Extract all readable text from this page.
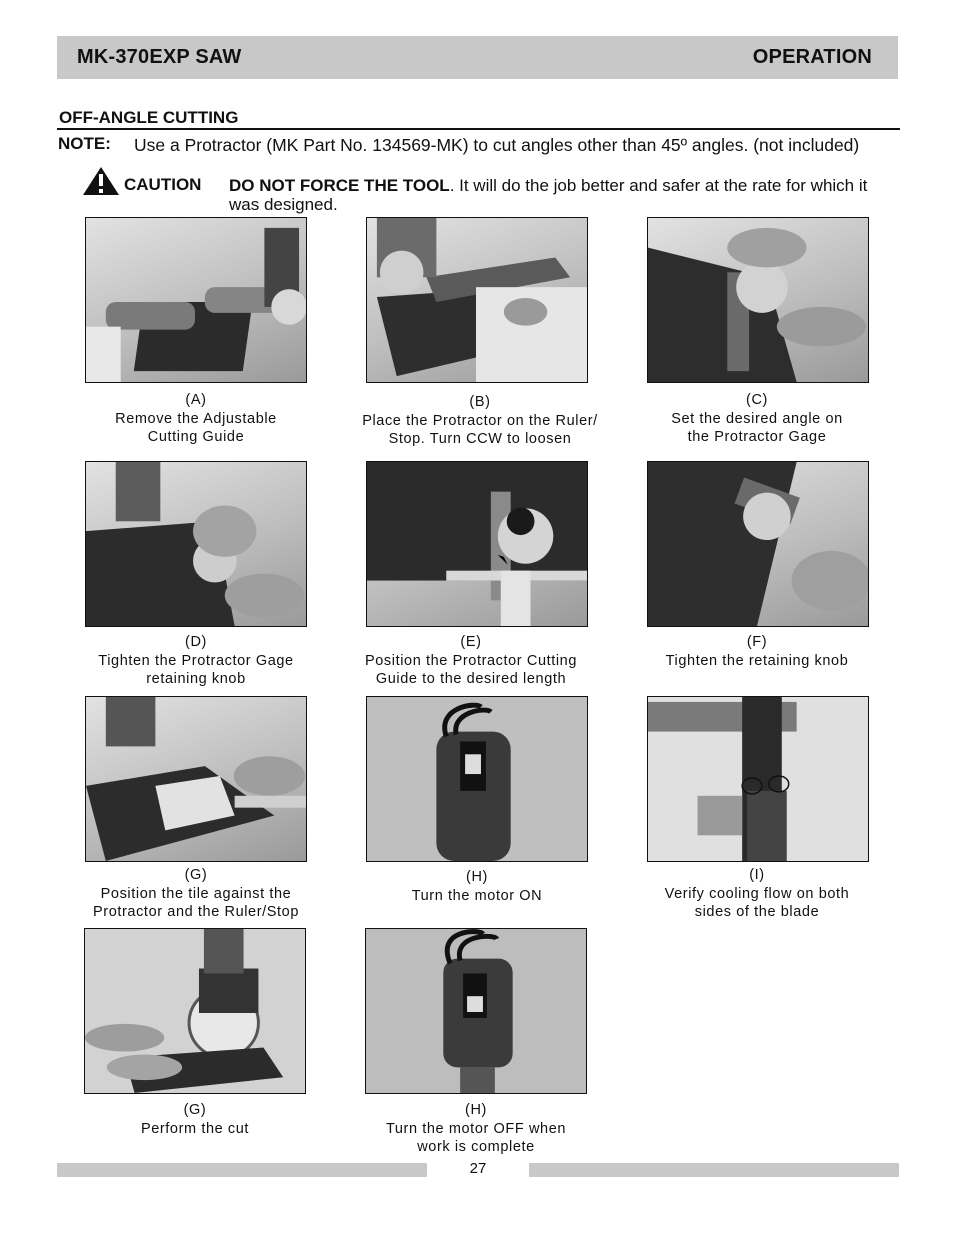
MK-370EXP SAW	OPERATION
OFF-ANGLE CUTTING
NOTE: Use a Protractor (MK Part No. 134569-MK) to cut angles other than 45º angles. (not included)
CAUTION DO NOT FORCE THE TOOL. It will do the job better and safer at the rate for which it was designed.
(A)
Remove the Adjustable
Cutting Guide
(B)
Place the Protractor on the Ruler/
Stop. Turn CCW to loosen
(C)
Set the desired angle on
the Protractor Gage
(D)
Tighten the Protractor Gage
retaining knob
(E)
Position the Protractor Cutting
Guide to the desired length
(F)
Tighten the retaining knob
(G)
Position the tile against the
Protractor and the Ruler/Stop
(H)
Turn the motor ON
(I)
Verify cooling flow on both
sides of the blade
(G)
Perform the cut
(H)
Turn the motor OFF when
work is complete
27
